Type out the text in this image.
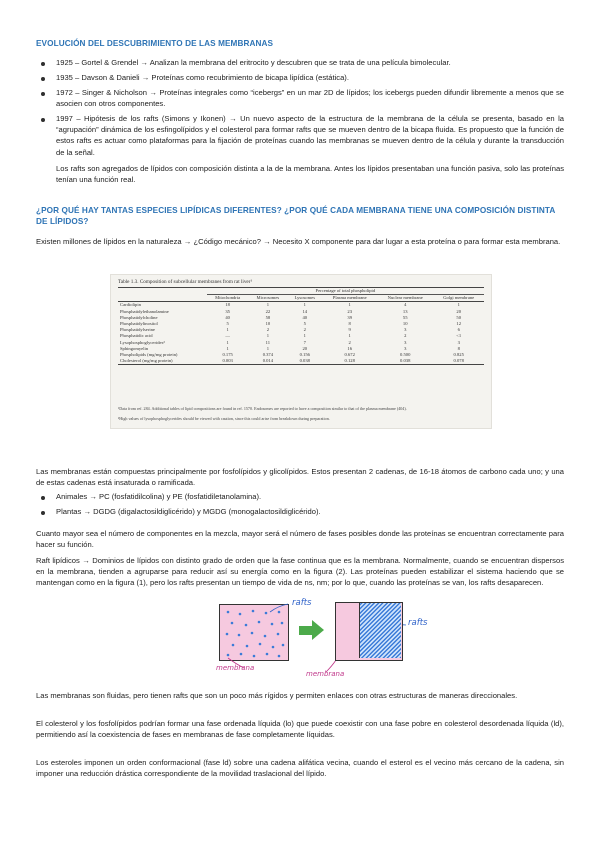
EVOLUCIÓN DEL DESCUBRIMIENTO DE LAS MEMBRANAS
1925 – Gortel & Grendel → Analizan la membrana del eritrocito y descubren que se trata de una película bimolecular.
1935 – Davson & Danieli → Proteínas como recubrimiento de bicapa lipídica (estática).
1972 – Singer & Nicholson → Proteínas integrales como “icebergs” en un mar 2D de lípidos; los icebergs pueden difundir libremente a menos que se asocien con otros componentes.
1997 – Hipótesis de los rafts (Simons y Ikonen) → Un nuevo aspecto de la estructura de la membrana de la célula se presenta, basado en la “agrupación” dinámica de los esfingolípidos y el colesterol para formar rafts que se mueven dentro de la bicapa fluida. Es propuesto que la función de estos rafts es actuar como plataformas para la fijación de proteínas cuando las membranas se mueven dentro de la célula y durante la transducción de la señal.
Los rafts son agregados de lípidos con composición distinta a la de la membrana. Antes los lípidos presentaban una función pasiva, solo las proteínas tenían una función real.
¿POR QUÉ HAY TANTAS ESPECIES LIPÍDICAS DIFERENTES? ¿POR QUÉ CADA MEMBRANA TIENE UNA COMPOSICIÓN DISTINTA DE LÍPIDOS?
Existen millones de lípidos en la naturaleza → ¿Código mecánico? → Necesito X componente para dar lugar a esta proteína o para formar esta membrana.
Table 1.3. Composition of subcellular membranes from rat liver¹
	Percentage of total phospholipid					
	Mitochondria	Microsomes	Lysosomes	Plasma membrane	Nuclear membrane	Golgi membrane
Cardiolipin	18	1	1	1	4	1
Phosphatidylethanolamine	35	22	14	23	13	20
Phosphatidylcholine	40	58	40	39	55	50
Phosphatidylinositol	5	10	5	8	10	12
Phosphatidylserine	1	2	2	9	3	6
Phosphatidic acid	—	1	1	1	2	<1
Lysophosphoglycerides²	1	11	7	2	3	3
Sphingomyelin	1	1	20	16	3	8
Phospholipids (mg/mg protein)	0.175	0.374	0.156	0.672	0.500	0.825
Cholesterol (mg/mg protein)	0.003	0.014	0.038	0.128	0.038	0.078
¹Data from ref. 284. Additional tables of lipid compositions are found in ref. 1570. Endosomes are reported to have a composition similar to that of the plasma membrane (404).
²High values of lysophosphoglycerides should be viewed with caution, since this could arise from breakdown during preparation.
Las membranas están compuestas principalmente por fosfolípidos y glicolípidos. Estos presentan 2 cadenas, de 16-18 átomos de carbono cada uno; y una de estas cadenas está insaturada o ramificada.
Animales → PC (fosfatidilcolina) y PE (fosfatidiletanolamina).
Plantas → DGDG (digalactosildiglicérido) y MGDG (monogalactosildiglicérido).
Cuanto mayor sea el número de componentes en la mezcla, mayor será el número de fases posibles donde las proteínas se encuentran correctamente para hacer su función.
Raft lipídicos → Dominios de lípidos con distinto grado de orden que la fase continua que es la membrana. Normalmente, cuando se encuentran dispersos en la membrana, tienden a agruparse para reducir así su energía como en la figura (2). Las proteínas pueden estabilizar el sistema haciendo que se mantengan como en la figura (1), pero los rafts presentan un tiempo de vida de ns, nm; por lo que, cuando las proteínas se van, los rafts desaparecen.
rafts
membrana
rafts
membrana
Las membranas son fluidas, pero tienen rafts que son un poco más rígidos y permiten enlaces con otras estructuras de maneras direccionales.
El colesterol y los fosfolípidos podrían formar una fase ordenada líquida (lo) que puede coexistir con una fase pobre en colesterol desordenada líquida (ld), permitiendo así la coexistencia de fases en membranas de fase completamente líquidas.
Los esteroles imponen un orden conformacional (fase ld) sobre una cadena alifática vecina, cuando el esterol es el vecino más cercano de la cadena, sin imponer una reducción drástica correspondiente de la movilidad traslacional del lípido.
